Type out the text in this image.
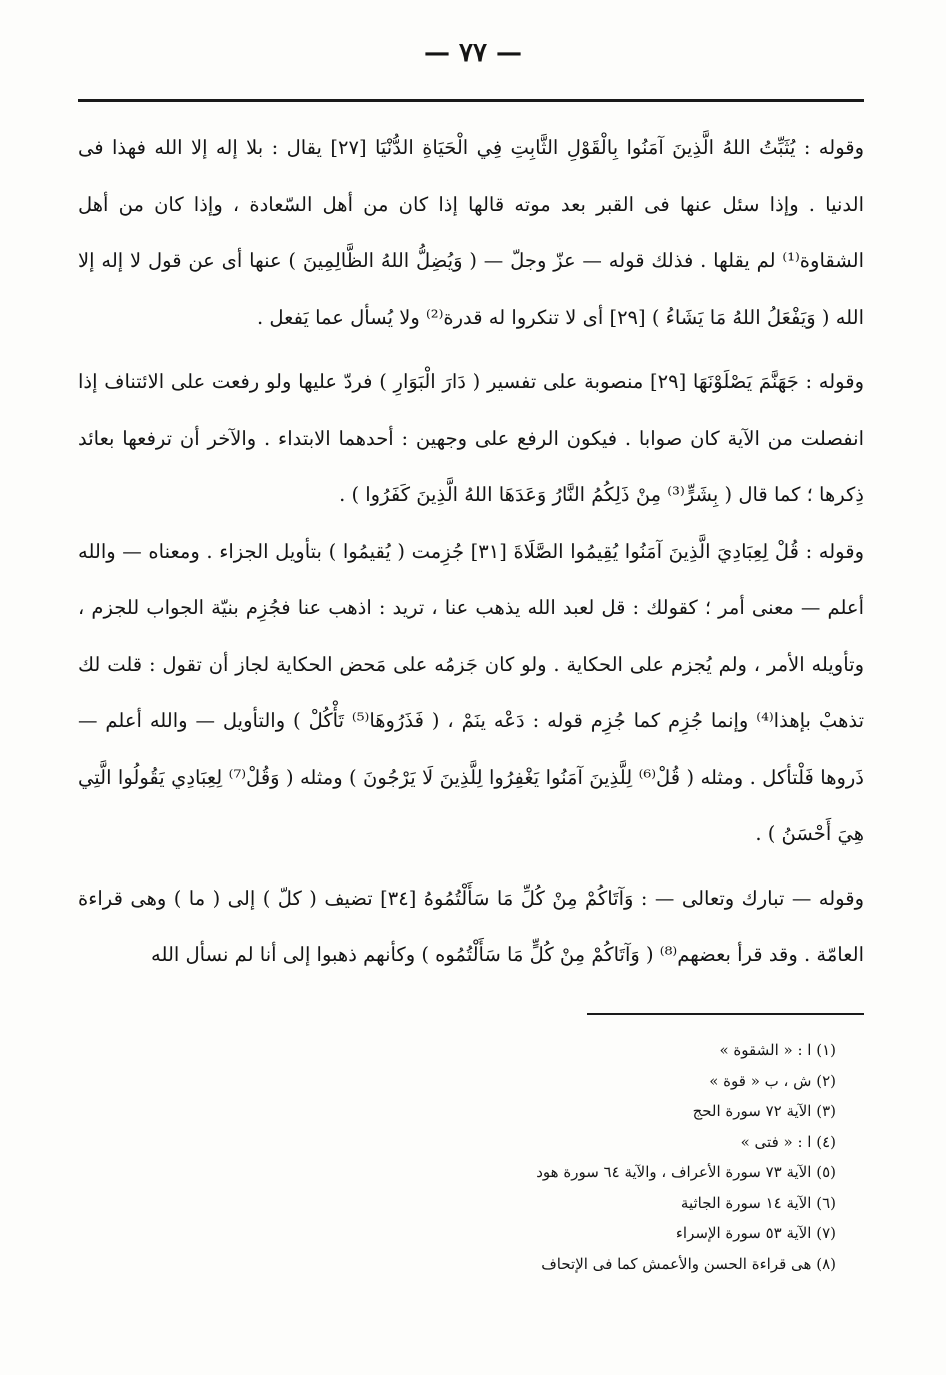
— ٧٧ —

وقوله : يُثَبِّتُ اللهُ الَّذِينَ آمَنُوا بِالْقَوْلِ الثَّابِتِ فِي الْحَيَاةِ الدُّنْيَا [٢٧] يقال : بلا إله إلا الله فهذا فى الدنيا . وإذا سئل عنها فى القبر بعد موته قالها إذا كان من أهل السّعادة ، وإذا كان من أهل الشقاوة⁽¹⁾ لم يقلها . فذلك قوله — عزّ وجلّ — ( وَيُضِلُّ اللهُ الظَّالِمِينَ ) عنها أى عن قول لا إله إلا الله ( وَيَفْعَلُ اللهُ مَا يَشَاءُ ) [٢٩] أى لا تنكروا له قدرة⁽²⁾ ولا يُسأل عما يَفعل .

وقوله : جَهَنَّمَ يَصْلَوْنَهَا [٢٩] منصوبة على تفسير ( دَارَ الْبَوَارِ ) فردّ عليها ولو رفعت على الائتناف إذا انفصلت من الآية كان صوابا . فيكون الرفع على وجهين : أحدهما الابتداء . والآخر أن ترفعها بعائد ذِكرها ؛ كما قال ( بِشَرٍّ⁽³⁾ مِنْ ذَلِكُمُ النَّارُ وَعَدَهَا اللهُ الَّذِينَ كَفَرُوا ) .

وقوله : قُلْ لِعِبَادِيَ الَّذِينَ آمَنُوا يُقِيمُوا الصَّلَاةَ [٣١] جُزِمت ( يُقيمُوا ) بتأويل الجزاء . ومعناه — والله أعلم — معنى أمر ؛ كقولك : قل لعبد الله يذهب عنا ، تريد : اذهب عنا فجُزِم بنيّة الجواب للجزم ، وتأويله الأمر ، ولم يُجزم على الحكاية . ولو كان جَزمُه على مَحض الحكاية لجاز أن تقول : قلت لك تذهبْ بإهذا⁽⁴⁾ وإنما جُزِم كما جُزِم قوله : دَعْه ينَمْ ، ( فَذَرُوهَا⁽⁵⁾ تَأْكُلْ ) والتأويل — والله أعلم — ذَروها فَلْتأكل . ومثله ( قُلْ⁽⁶⁾ لِلَّذِينَ آمَنُوا يَغْفِرُوا لِلَّذِينَ لَا يَرْجُونَ ) ومثله ( وَقُلْ⁽⁷⁾ لِعِبَادِي يَقُولُوا الَّتِي هِيَ أَحْسَنُ ) .

وقوله — تبارك وتعالى — : وَآتَاكُمْ مِنْ كُلِّ مَا سَأَلْتُمُوهُ [٣٤] تضيف ( كلّ ) إلى ( ما ) وهى قراءة العامّة . وقد قرأ بعضهم⁽⁸⁾ ( وَآتَاكُمْ مِنْ كُلٍّ مَا سَأَلْتُمُوه ) وكأنهم ذهبوا إلى أنا لم نسأل الله

(١) ا : « الشقوة »
(٢) ش ، ب « قوة »
(٣) الآية ٧٢ سورة الحج
(٤) ا : « فتى »
(٥) الآية ٧٣ سورة الأعراف ، والآية ٦٤ سورة هود
(٦) الآية ١٤ سورة الجاثية
(٧) الآية ٥٣ سورة الإسراء
(٨) هى قراءة الحسن والأعمش كما فى الإتحاف
